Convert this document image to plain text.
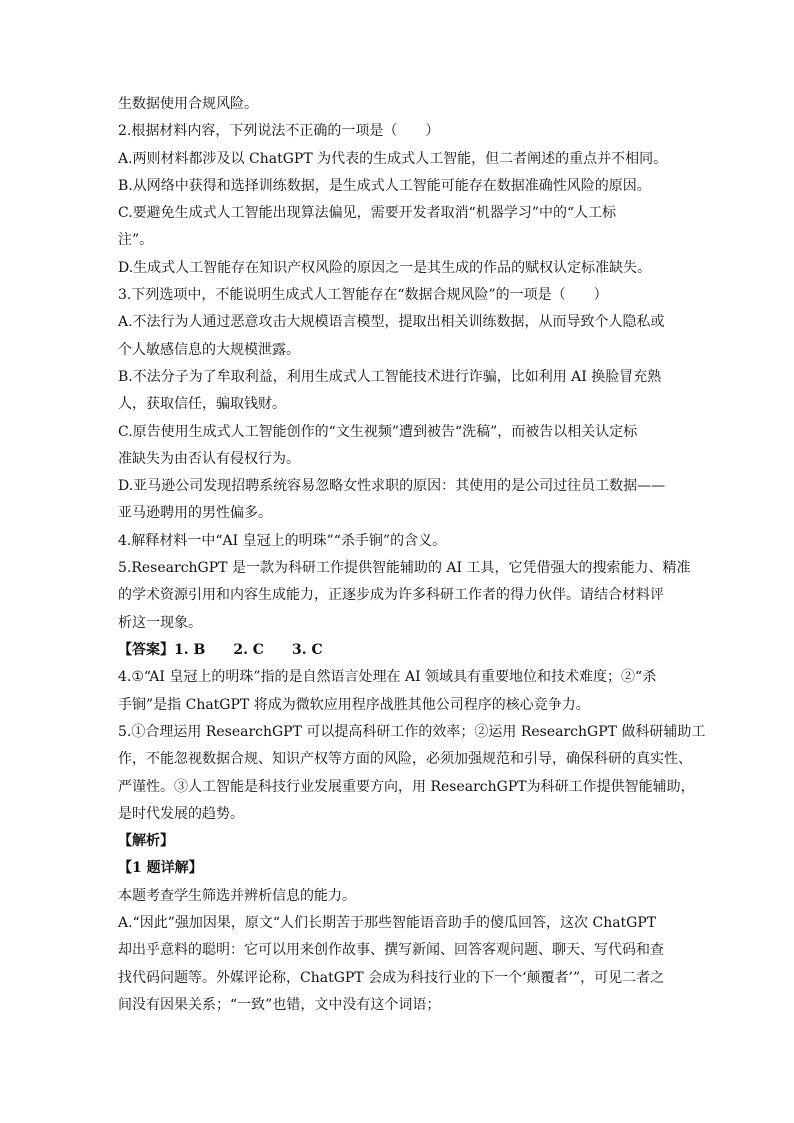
生数据使用合规风险。
2.根据材料内容，下列说法不正确的一项是（　　）
A.两则材料都涉及以 ChatGPT 为代表的生成式人工智能，但二者阐述的重点并不相同。
B.从网络中获得和选择训练数据，是生成式人工智能可能存在数据准确性风险的原因。
C.要避免生成式人工智能出现算法偏见，需要开发者取消“机器学习”中的“人工标
注”。
D.生成式人工智能存在知识产权风险的原因之一是其生成的作品的赋权认定标准缺失。
3.下列选项中，不能说明生成式人工智能存在“数据合规风险”的一项是（　　）
A.不法行为人通过恶意攻击大规模语言模型，提取出相关训练数据，从而导致个人隐私或
个人敏感信息的大规模泄露。
B.不法分子为了牟取利益，利用生成式人工智能技术进行诈骗，比如利用 AI 换脸冒充熟
人，获取信任，骗取钱财。
C.原告使用生成式人工智能创作的“文生视频”遭到被告“洗稿”，而被告以相关认定标
准缺失为由否认有侵权行为。
D.亚马逊公司发现招聘系统容易忽略女性求职的原因：其使用的是公司过往员工数据——
亚马逊聘用的男性偏多。
4.解释材料一中“AI 皇冠上的明珠”“杀手锏”的含义。
5.ResearchGPT 是一款为科研工作提供智能辅助的 AI 工具，它凭借强大的搜索能力、精准
的学术资源引用和内容生成能力，正逐步成为许多科研工作者的得力伙伴。请结合材料评
析这一现象。
【答案】1. B　　2. C　　3. C
4.①“AI 皇冠上的明珠”指的是自然语言处理在 AI 领域具有重要地位和技术难度；②“杀
手锏”是指 ChatGPT 将成为微软应用程序战胜其他公司程序的核心竞争力。
5.①合理运用 ResearchGPT 可以提高科研工作的效率；②运用 ResearchGPT 做科研辅助工
作，不能忽视数据合规、知识产权等方面的风险，必须加强规范和引导，确保科研的真实性、
严谨性。③人工智能是科技行业发展重要方向，用 ResearchGPT为科研工作提供智能辅助，
是时代发展的趋势。
【解析】
【1 题详解】
本题考查学生筛选并辨析信息的能力。
A.“因此”强加因果，原文“人们长期苦于那些智能语音助手的傻瓜回答，这次 ChatGPT
却出乎意料的聪明：它可以用来创作故事、撰写新闻、回答客观问题、聊天、写代码和查
找代码问题等。外媒评论称，ChatGPT 会成为科技行业的下一个‘颠覆者’”，可见二者之
间没有因果关系；“一致”也错，文中没有这个词语；
